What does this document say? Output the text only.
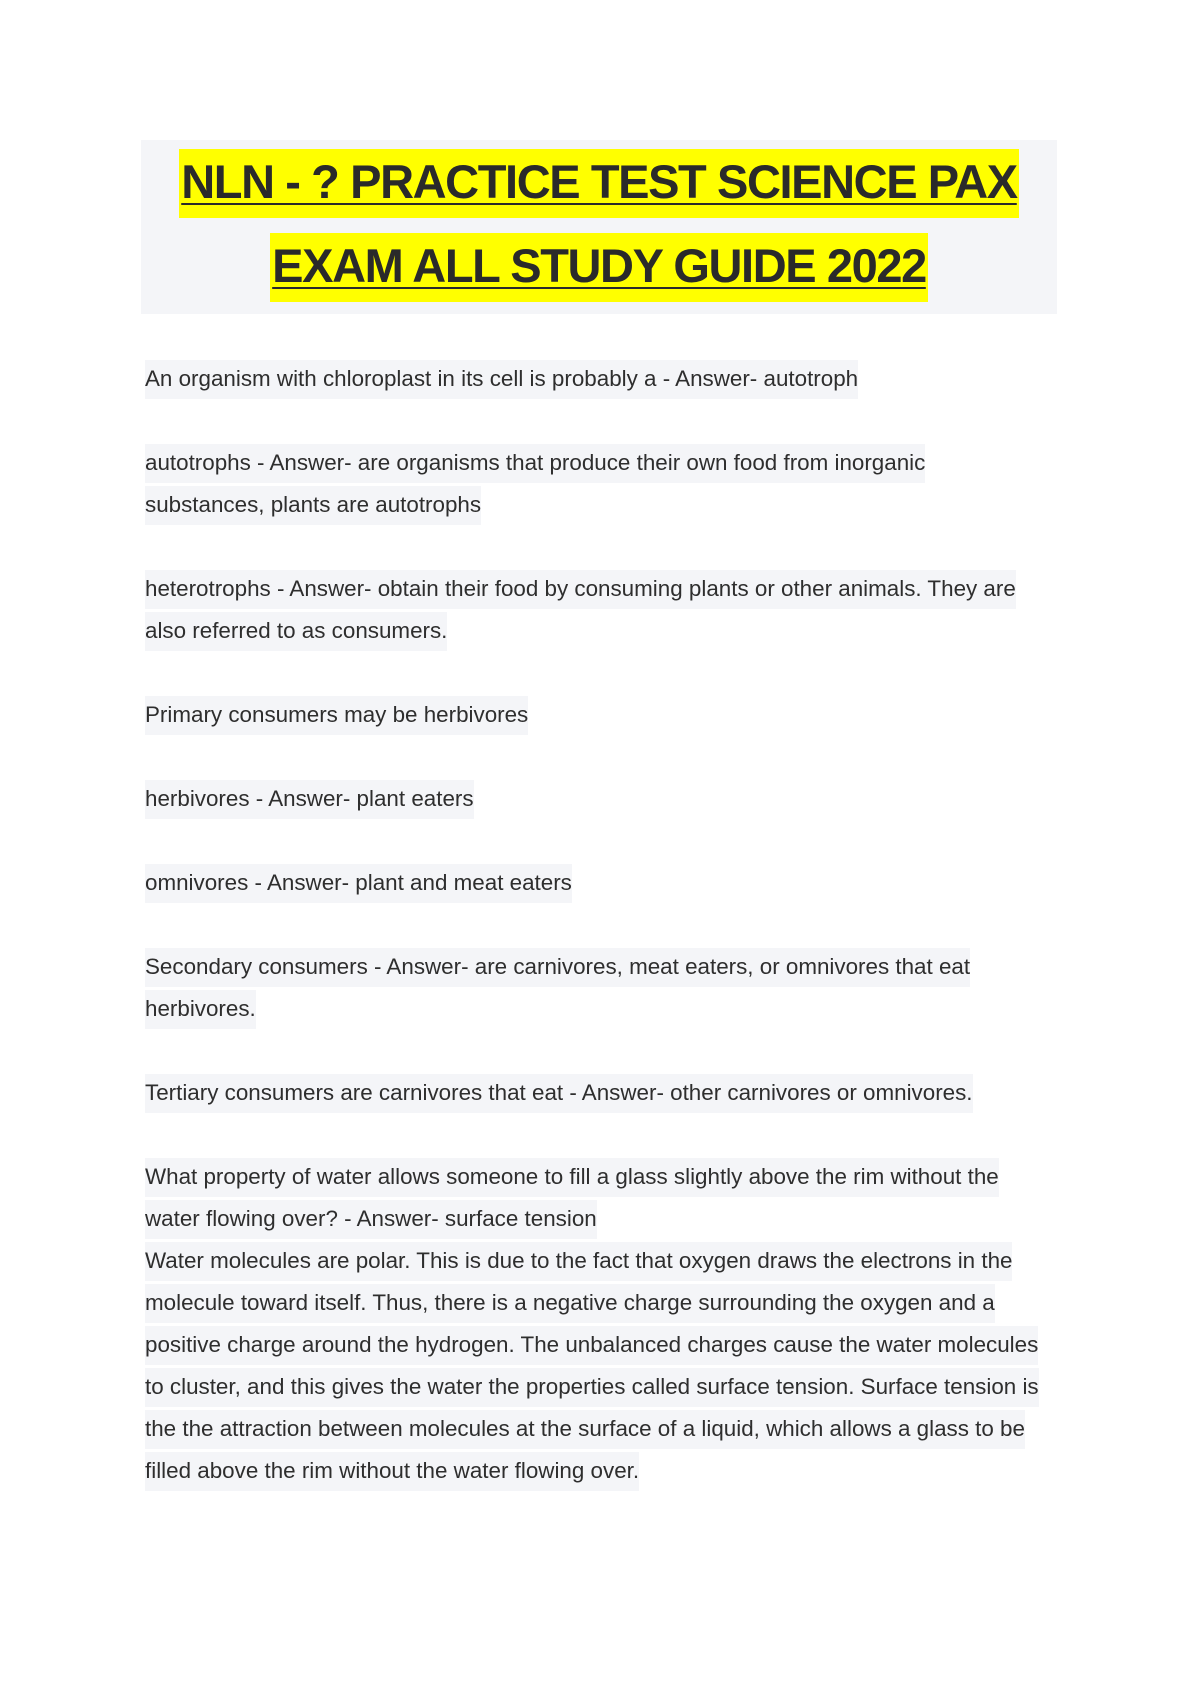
NLN - ? PRACTICE TEST SCIENCE PAX
EXAM ALL STUDY GUIDE 2022

An organism with chloroplast in its cell is probably a - Answer- autotroph

autotrophs - Answer- are organisms that produce their own food from inorganic substances, plants are autotrophs

heterotrophs - Answer- obtain their food by consuming plants or other animals. They are also referred to as consumers.

Primary consumers may be herbivores

herbivores - Answer- plant eaters

omnivores - Answer- plant and meat eaters

Secondary consumers - Answer- are carnivores, meat eaters, or omnivores that eat herbivores.

Tertiary consumers are carnivores that eat - Answer- other carnivores or omnivores.

What property of water allows someone to fill a glass slightly above the rim without the water flowing over? - Answer- surface tension

Water molecules are polar. This is due to the fact that oxygen draws the electrons in the molecule toward itself. Thus, there is a negative charge surrounding the oxygen and a positive charge around the hydrogen. The unbalanced charges cause the water molecules to cluster, and this gives the water the properties called surface tension. Surface tension is the the attraction between molecules at the surface of a liquid, which allows a glass to be filled above the rim without the water flowing over.
